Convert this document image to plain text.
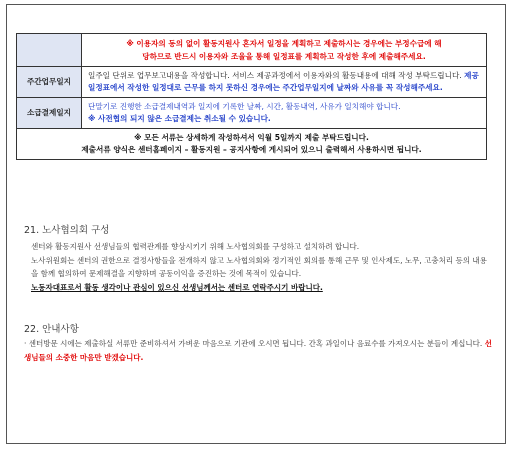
	※ 이용자의 동의 없이 활동지원사 혼자서 일정을 계획하고 제출하시는 경우에는 부정수급에 해
당하므로 반드시 이용자와 조율을 통해 일정표를 계획하고 작성한 후에 제출해주세요.

주간업무일지	일주일 단위로 업무보고내용을 작성합니다. 서비스 제공과정에서 이용자와의 활동내용에 대해 작성 부탁드립니다. 제공일정표에서 작성한 일정대로 근무를 하지 못하신 경우에는 주간업무일지에 날짜와 사유를 꼭 작성해주세요.
소급결제일지	단말기로 진행한 소급결제내역과 일지에 기록한 날짜, 시간, 활동내역, 사유가 일치해야 합니다.
※ 사전협의 되지 않은 소급결제는 취소될 수 있습니다.

※ 모든 서류는 상세하게 작성하셔서 익월 5일까지 제출 부탁드립니다.
제출서류 양식은 센터홈페이지 – 활동지원 – 공지사항에 게시되어 있으니 출력해서 사용하시면 됩니다.	
21. 노사협의회 구성
센터와 활동지원사 선생님들의 협력관계를 향상시키기 위해 노사협의회를 구성하고 설치하려 합니다.
노사위원회는 센터의 권한으로 결정사항들을 전개하지 않고 노사협의회와 정기적인 회의를 통해 근무 및 인사제도, 노무, 고충처리 등의 내용을 함께 협의하여 문제해결을 지향하며 공동이익을 증진하는 것에 목적이 있습니다.
노동자대표로서 활동 생각이나 관심이 있으신 선생님께서는 센터로 연락주시기 바랍니다.
22. 안내사항
· 센터방문 시에는 제출하실 서류만 준비하셔서 가벼운 마음으로 기관에 오시면 됩니다. 간혹 과일이나 음료수를 가져오시는 분들이 계십니다. 선생님들의 소중한 마음만 받겠습니다.
